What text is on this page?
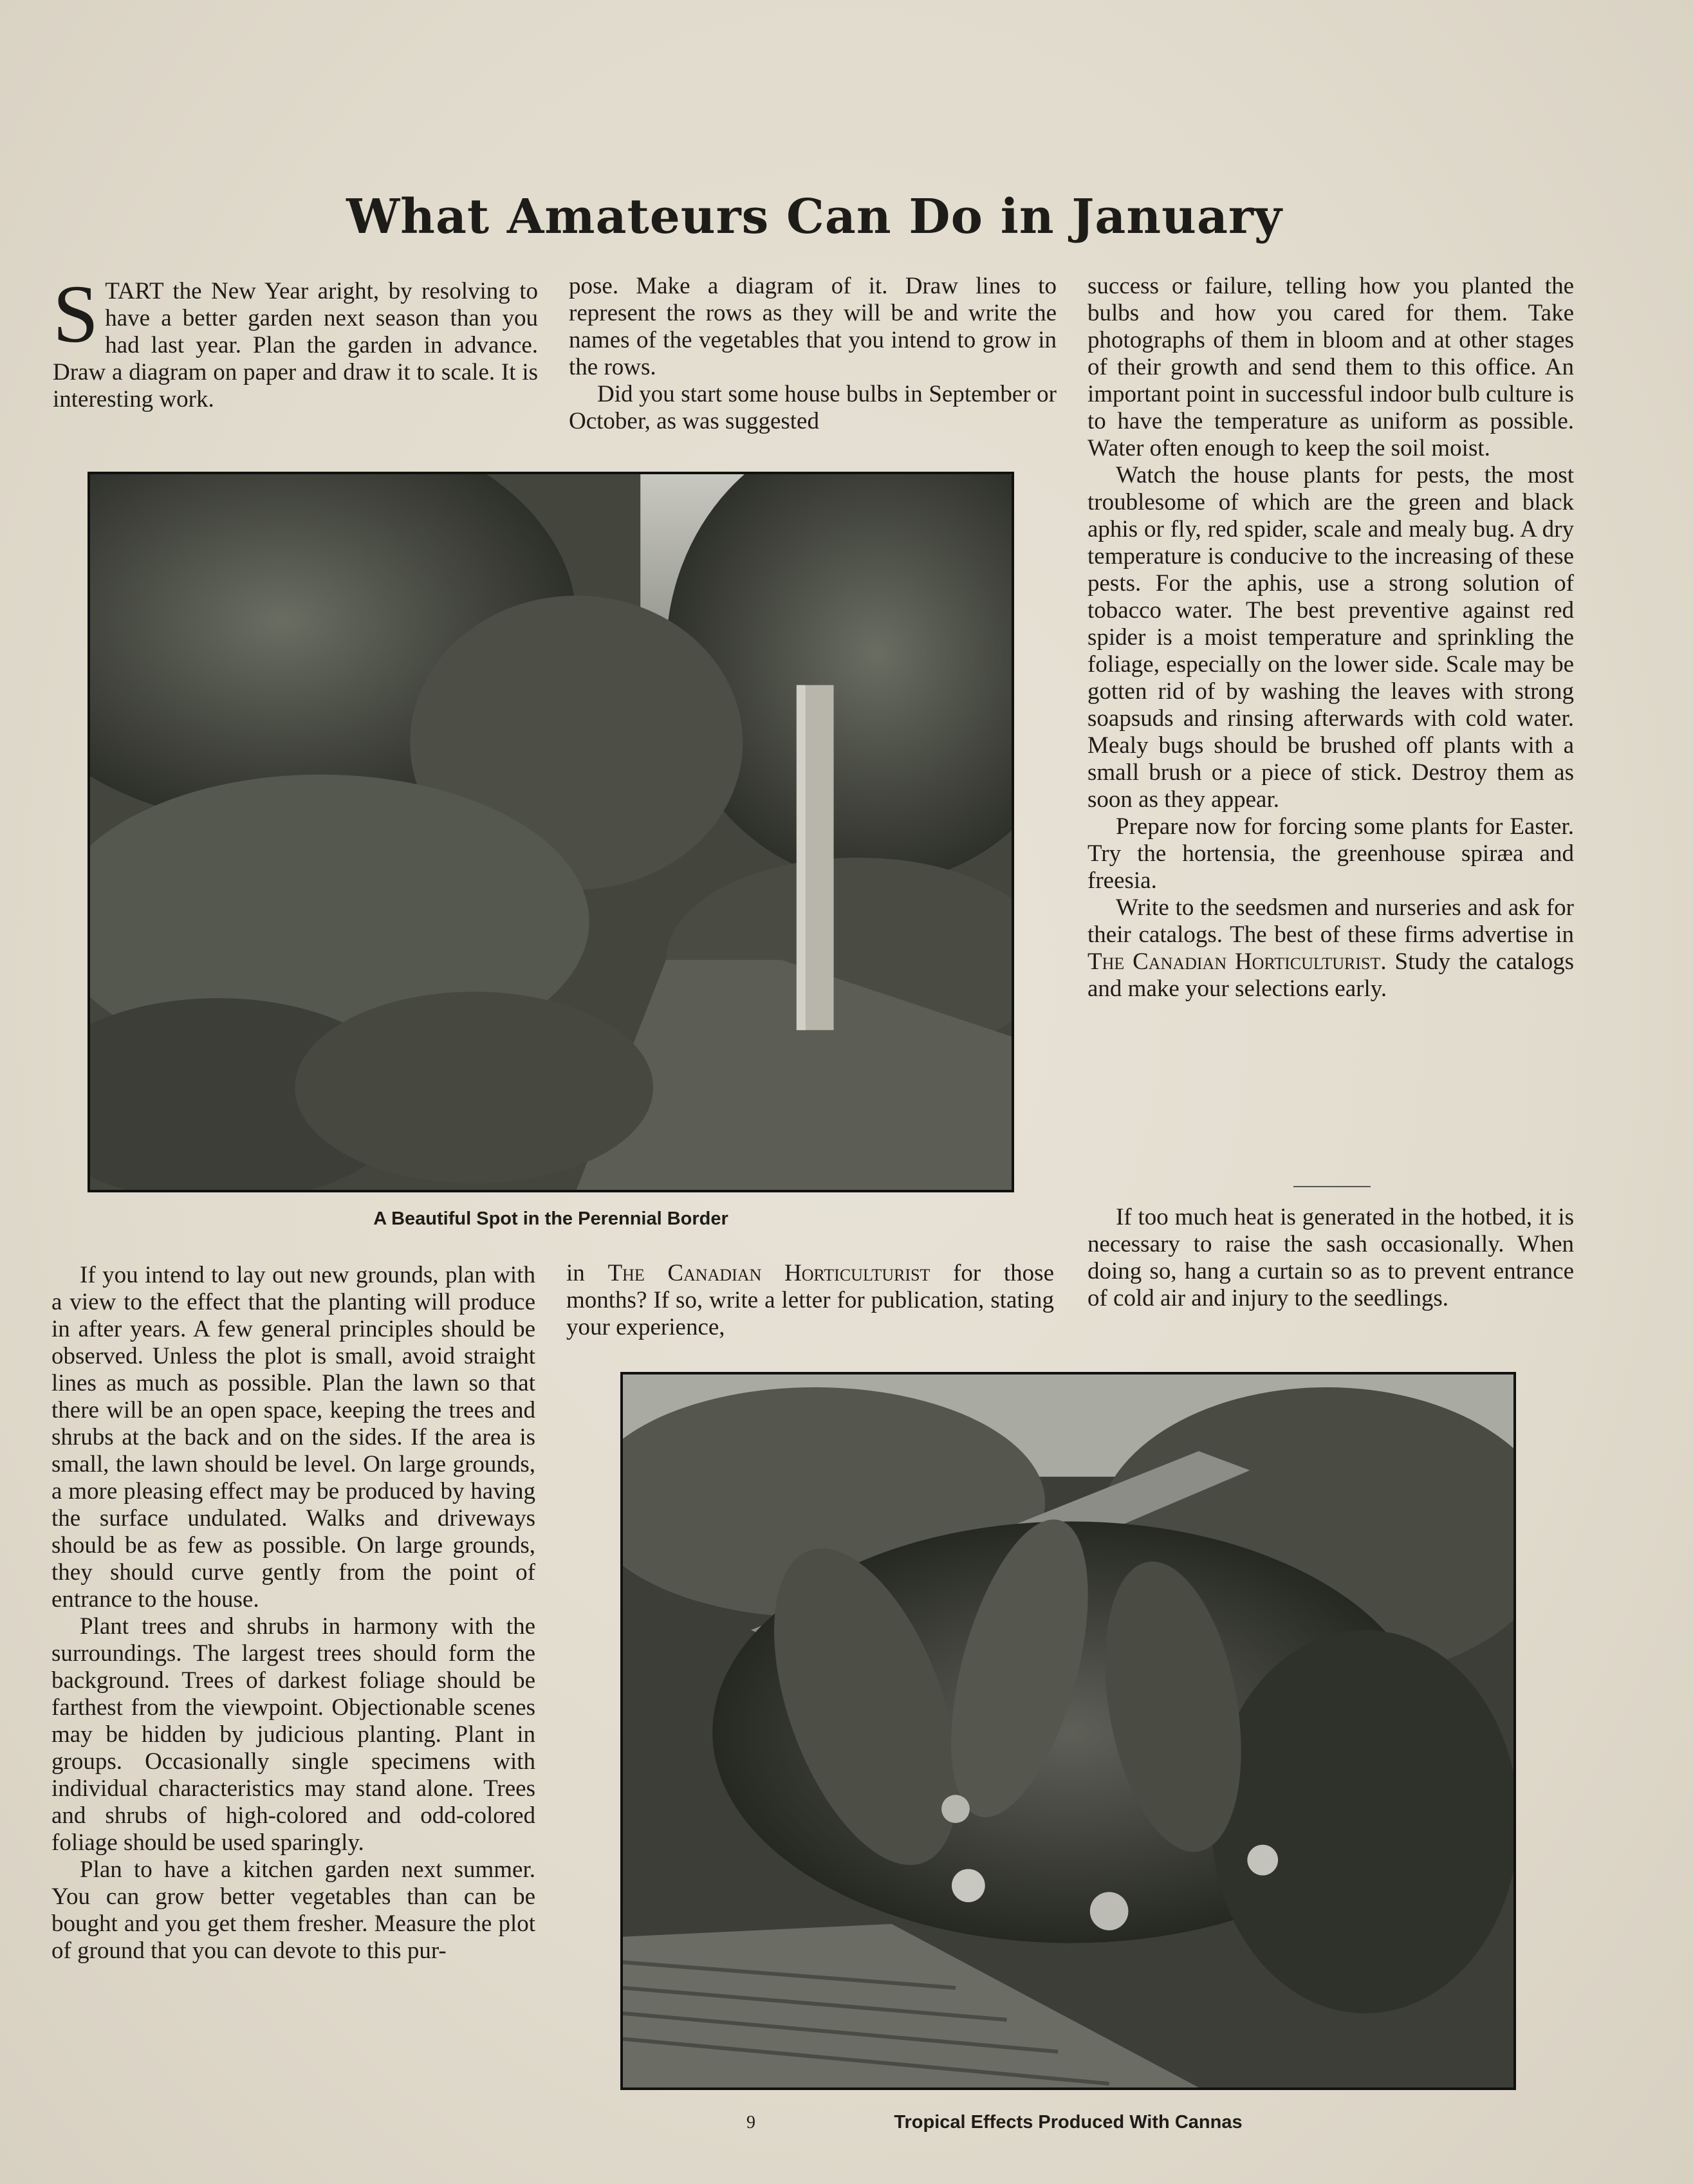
What Amateurs Can Do in January

START the New Year aright, by resolving to have a better garden next season than you had last year. Plan the garden in advance. Draw a diagram on paper and draw it to scale. It is interesting work.

pose. Make a diagram of it. Draw lines to represent the rows as they will be and write the names of the vegetables that you intend to grow in the rows.

Did you start some house bulbs in September or October, as was suggested

success or failure, telling how you planted the bulbs and how you cared for them. Take photographs of them in bloom and at other stages of their growth and send them to this office. An important point in successful indoor bulb culture is to have the temperature as uniform as possible. Water often enough to keep the soil moist.

Watch the house plants for pests, the most troublesome of which are the green and black aphis or fly, red spider, scale and mealy bug. A dry temperature is conducive to the increasing of these pests. For the aphis, use a strong solution of tobacco water. The best preventive against red spider is a moist temperature and sprinkling the foliage, especially on the lower side. Scale may be gotten rid of by washing the leaves with strong soapsuds and rinsing afterwards with cold water. Mealy bugs should be brushed off plants with a small brush or a piece of stick. Destroy them as soon as they appear.

Prepare now for forcing some plants for Easter. Try the hortensia, the greenhouse spiræa and freesia.

Write to the seedsmen and nurseries and ask for their catalogs. The best of these firms advertise in The Canadian Horticulturist. Study the catalogs and make your selections early.

If too much heat is generated in the hotbed, it is necessary to raise the sash occasionally. When doing so, hang a curtain so as to prevent entrance of cold air and injury to the seedlings.

A Beautiful Spot in the Perennial Border

If you intend to lay out new grounds, plan with a view to the effect that the planting will produce in after years. A few general principles should be observed. Unless the plot is small, avoid straight lines as much as possible. Plan the lawn so that there will be an open space, keeping the trees and shrubs at the back and on the sides. If the area is small, the lawn should be level. On large grounds, a more pleasing effect may be produced by having the surface undulated. Walks and driveways should be as few as possible. On large grounds, they should curve gently from the point of entrance to the house.

Plant trees and shrubs in harmony with the surroundings. The largest trees should form the background. Trees of darkest foliage should be farthest from the viewpoint. Objectionable scenes may be hidden by judicious planting. Plant in groups. Occasionally single specimens with individual characteristics may stand alone. Trees and shrubs of high-colored and odd-colored foliage should be used sparingly.

Plan to have a kitchen garden next summer. You can grow better vegetables than can be bought and you get them fresher. Measure the plot of ground that you can devote to this pur-

in The Canadian Horticulturist for those months? If so, write a letter for publication, stating your experience,

Tropical Effects Produced With Cannas
9
